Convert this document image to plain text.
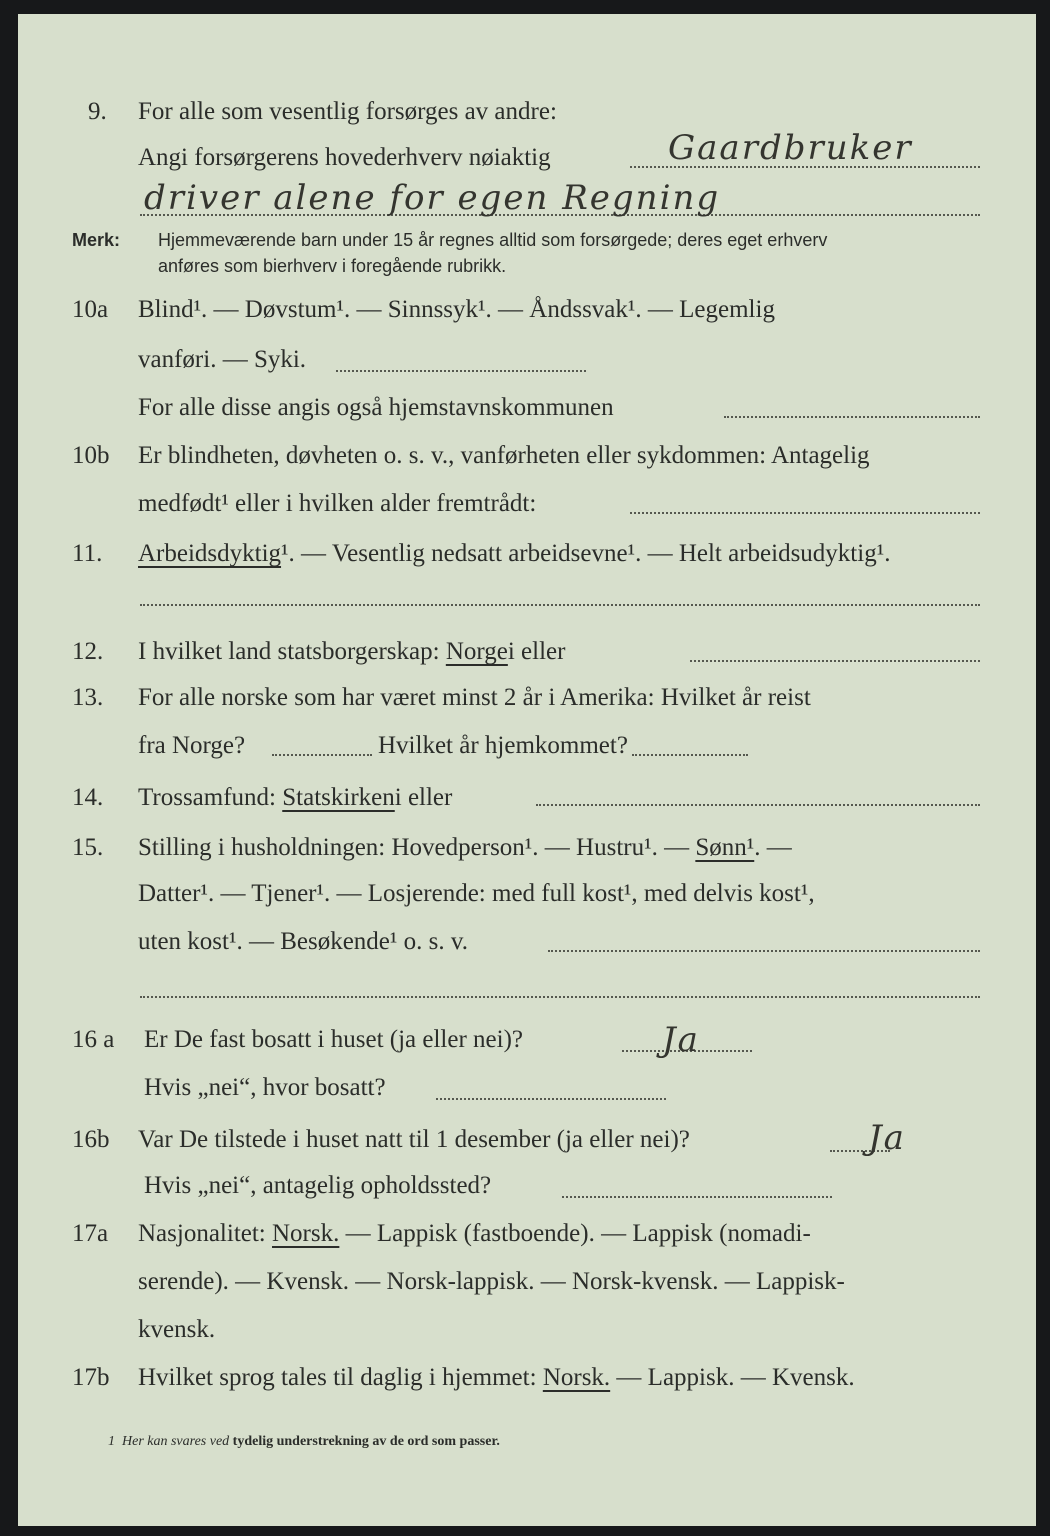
9. For alle som vesentlig forsørges av andre:
Angi forsørgerens hovederhverv nøiaktig	Gaardbruker
driver alene for egen Regning
Merk: Hjemmeværende barn under 15 år regnes alltid som forsørgede; deres eget erhverv
anføres som bierhverv i foregående rubrikk.
10a Blind¹. — Døvstum¹. — Sinnssyk¹. — Åndssvak¹. — Legemlig
vanføri. — Syki.
For alle disse angis også hjemstavnskommunen
10b Er blindheten, døvheten o. s. v., vanførheten eller sykdommen: Antagelig
medfødt¹ eller i hvilken alder fremtrådt:
11. Arbeidsdyktig¹. — Vesentlig nedsatt arbeidsevne¹. — Helt arbeidsudyktig¹.
12. I hvilket land statsborgerskap: Norgei eller
13. For alle norske som har været minst 2 år i Amerika: Hvilket år reist
fra Norge?	Hvilket år hjemkommet?
14. Trossamfund: Statskirkeni eller
15. Stilling i husholdningen: Hovedperson¹. — Hustru¹. — Sønn¹. —
Datter¹. — Tjener¹. — Losjerende: med full kost¹, med delvis kost¹,
uten kost¹. — Besøkende¹ o. s. v.
16 a Er De fast bosatt i huset (ja eller nei)?	Ja
Hvis „nei“, hvor bosatt?
16b Var De tilstede i huset natt til 1 desember (ja eller nei)?	Ja
Hvis „nei“, antagelig opholdssted?
17a Nasjonalitet: Norsk. — Lappisk (fastboende). — Lappisk (nomadi-
serende). — Kvensk. — Norsk-lappisk. — Norsk-kvensk. — Lappisk-
kvensk.
17b Hvilket sprog tales til daglig i hjemmet: Norsk. — Lappisk. — Kvensk.
1 Her kan svares ved tydelig understrekning av de ord som passer.
